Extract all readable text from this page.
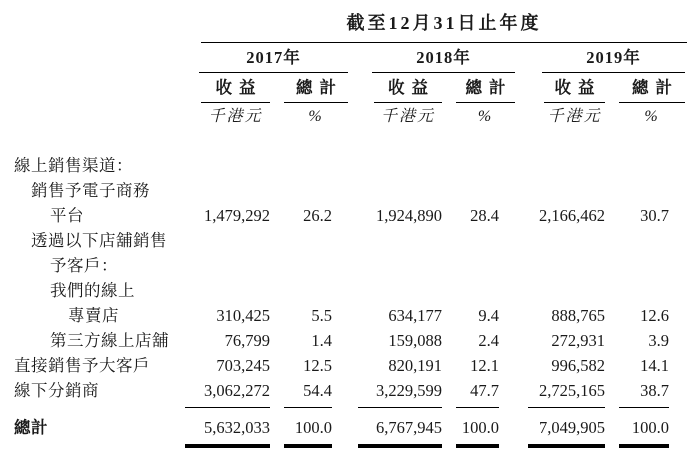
	截至12月31日止年度								

	2017年			2018年			2019年		

	收益	總計		收益	總計		收益	總計	

	千港元	%		千港元	%		千港元	%	

線上銷售渠道：									
銷售予電子商務									
平台	1,479,292	26.2		1,924,890	28.4		2,166,462	30.7	
透過以下店舖銷售									
予客戶：									
我們的線上									
專賣店	310,425	5.5		634,177	9.4		888,765	12.6	
第三方線上店舖	76,799	1.4		159,088	2.4		272,931	3.9	
直接銷售予大客戶	703,245	12.5		820,191	12.1		996,582	14.1	
線下分銷商	3,062,272	54.4		3,229,599	47.7		2,725,165	38.7	

總計	5,632,033	100.0		6,767,945	100.0		7,049,905	100.0	
